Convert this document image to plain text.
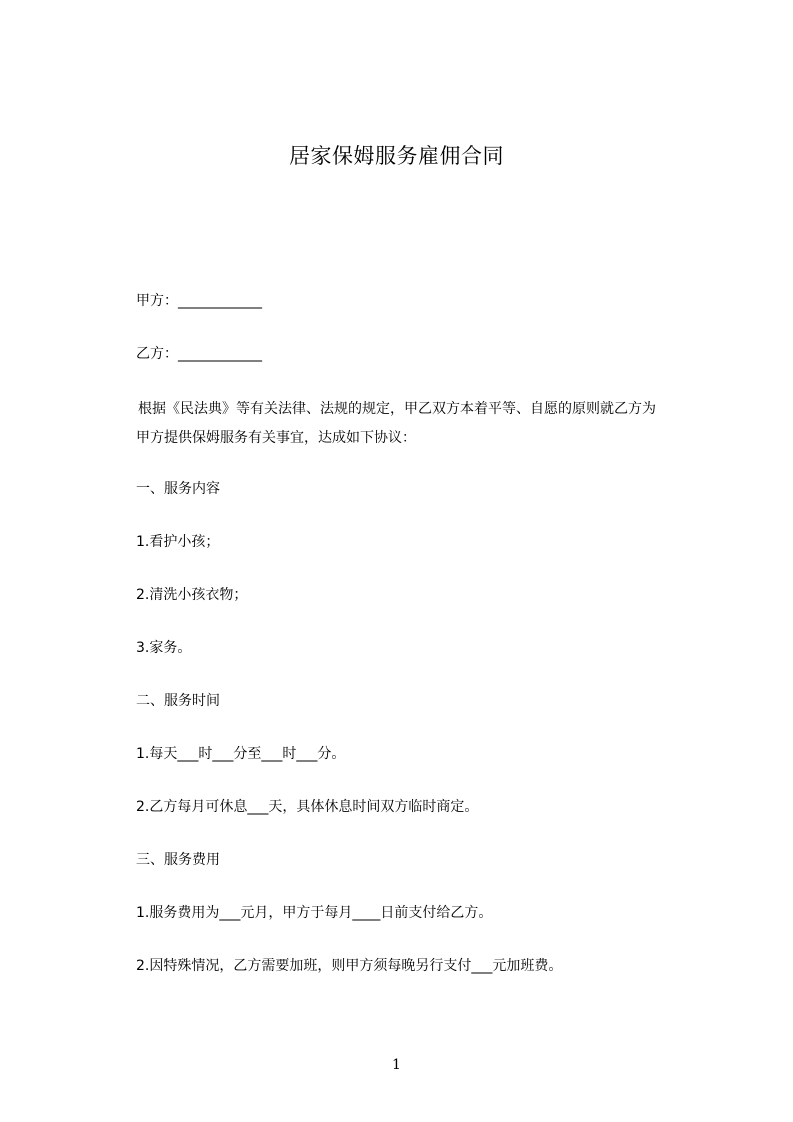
居家保姆服务雇佣合同
甲方：____________
乙方：____________
根据《民法典》等有关法律、法规的规定，甲乙双方本着平等、自愿的原则就乙方为甲方提供保姆服务有关事宜，达成如下协议：
一、服务内容
1.看护小孩；
2.清洗小孩衣物；
3.家务。
二、服务时间
1.每天___时___分至___时___分。
2.乙方每月可休息___天，具体休息时间双方临时商定。
三、服务费用
1.服务费用为___元月，甲方于每月____日前支付给乙方。
2.因特殊情况，乙方需要加班，则甲方须每晚另行支付___元加班费。
1
